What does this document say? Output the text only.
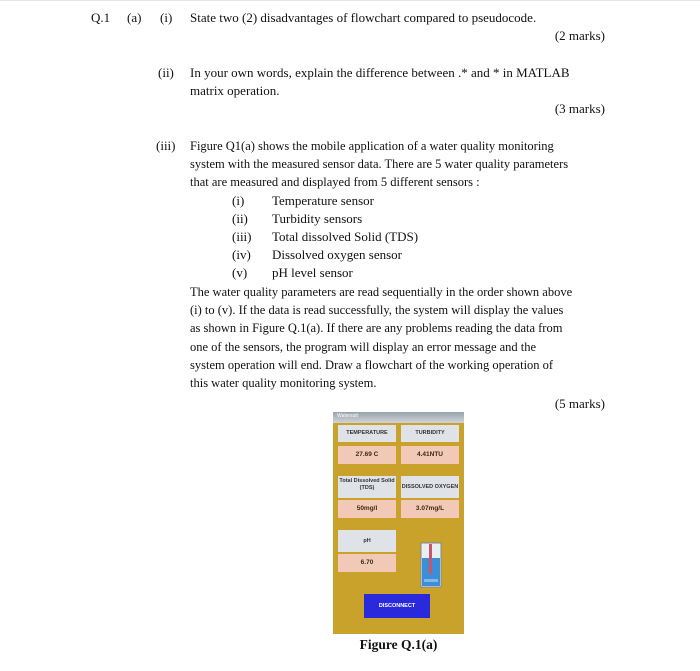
Q.1 (a) (i) State two (2) disadvantages of flowchart compared to pseudocode.
(2 marks)
(ii) In your own words, explain the difference between .* and * in MATLAB
matrix operation.
(3 marks)
(iii) Figure Q1(a) shows the mobile application of a water quality monitoring
system with the measured sensor data. There are 5 water quality parameters
that are measured and displayed from 5 different sensors :
(i) Temperature sensor
(ii) Turbidity sensors
(iii) Total dissolved Solid (TDS)
(iv) Dissolved oxygen sensor
(v) pH level sensor
The water quality parameters are read sequentially in the order shown above
(i) to (v). If the data is read successfully, the system will display the values
as shown in Figure Q.1(a). If there are any problems reading the data from
one of the sensors, the program will display an error message and the
system operation will end. Draw a flowchart of the working operation of
this water quality monitoring system.
(5 marks)
Watersuit
TEMPERATURE	TURBIDITY
27.69 C	4.41NTU
Total Dissolved Solid (TDS)	DISSOLVED OXYGEN
50mg/l	3.07mg/L
pH
6.70
DISCONNECT
Figure Q.1(a)
